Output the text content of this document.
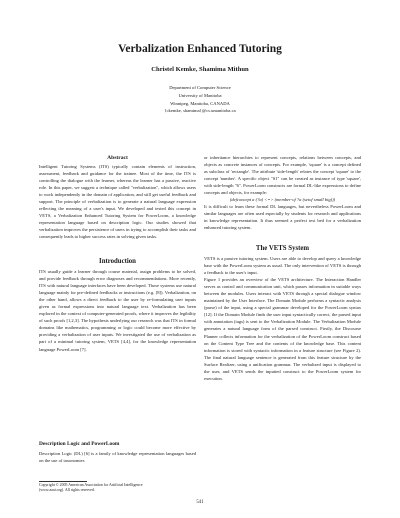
Verbalization Enhanced Tutoring
Christel Kemke, Shamima Mithun
Department of Computer Science
University of Manitoba
Winnipeg, Manitoba, CANADA
{ckemke, shamima}@cs.umanitoba.ca
Abstract

Intelligent Tutoring Systems (ITS) typically contain elements of instruction, assessment, feedback and guidance for the trainee. Most of the time, the ITS is controlling the dialogue with the learner, whereas the learner has a passive, reactive role. In this paper, we suggest a technique called "verbalization", which allows users to work independently in the domain of application, and still get useful feedback and support. The principle of verbalization is to generate a natural language expression reflecting the meaning of a user's input. We developed and tested this concept in VETS, a Verbalization Enhanced Tutoring System for PowerLoom, a knowledge representation language based on description logic. Our studies showed that verbalization improves the persistence of users in trying to accomplish their tasks and consequently leads to higher success rates in solving given tasks.

Introduction

ITS usually guide a learner through course material, assign problems to be solved, and provide feedback through error diagnoses and recommendations. More recently, ITS with natural language interfaces have been developed. Those systems use natural language mainly for pre-defined feedbacks or instructions (e.g. [8]). Verbalization, on the other hand, allows a direct feedback to the user by re-formulating user inputs given as formal expressions into natural language text. Verbalization has been explored in the context of computer-generated proofs, where it improves the legibility of such proofs [1,2,3]. The hypothesis underlying our research was that ITS in formal domains like mathematics, programming or logic could become more effective by providing a verbalization of user inputs. We investigated the use of verbalization as part of a minimal tutoring system, VETS [4,4], for the knowledge representation language PowerLoom [7].

Description Logic and PowerLoom

Description Logic (DL) [6] is a family of knowledge representation languages based on the use of taxonomies

Copyright © 2005 American Association for Artificial Intelligence
(www.aaai.org). All rights reserved.

or inheritance hierarchies to represent concepts, relations between concepts, and objects as concrete instances of concepts. For example, 'square' is a concept defined as subclass of 'rectangle'. The attribute 'side-length' relates the concept 'square' to the concept 'number'. A specific object "S1" can be created as instance of type 'square', with side-length "6". PowerLoom constructs are formal DL-like expressions to define concepts and objects, for example:

(defconcept a (?a) <=> (member-of ?a (setof small big)))

It is difficult to learn these formal DL languages, but nevertheless PowerLoom and similar languages are often used especially by students for research and applications in knowledge representation. It thus seemed a perfect test bed for a verbalization enhanced tutoring system.

The VETS System

VETS is a passive tutoring system. Users are able to develop and query a knowledge base with the PowerLoom system as usual. The only intervention of VETS is through a feedback to the user's input.

Figure 1 provides an overview of the VETS architecture. The Interaction Handler serves as control and communication unit, which passes information in suitable ways between the modules. Users interact with VETS through a special dialogue window maintained by the User Interface. The Domain Module performs a syntactic analysis (parse) of the input, using a special grammar developed for the PowerLoom syntax [12]. If the Domain Module finds the user input syntactically correct, the parsed input with annotation (tags) is sent to the Verbalization Module. The Verbalization Module generates a natural language form of the parsed construct. Firstly, the Discourse Planner collects information for the verbalization of the PowerLoom construct based on the Content Type Tree and the contents of the knowledge base. This content information is stored with syntactic information in a feature structure (see Figure 2). The final natural language sentence is generated from this feature structure by the Surface Realizer, using a unification grammar. The verbalized input is displayed to the user, and VETS sends the inputted construct to the PowerLoom system for execution.

541
